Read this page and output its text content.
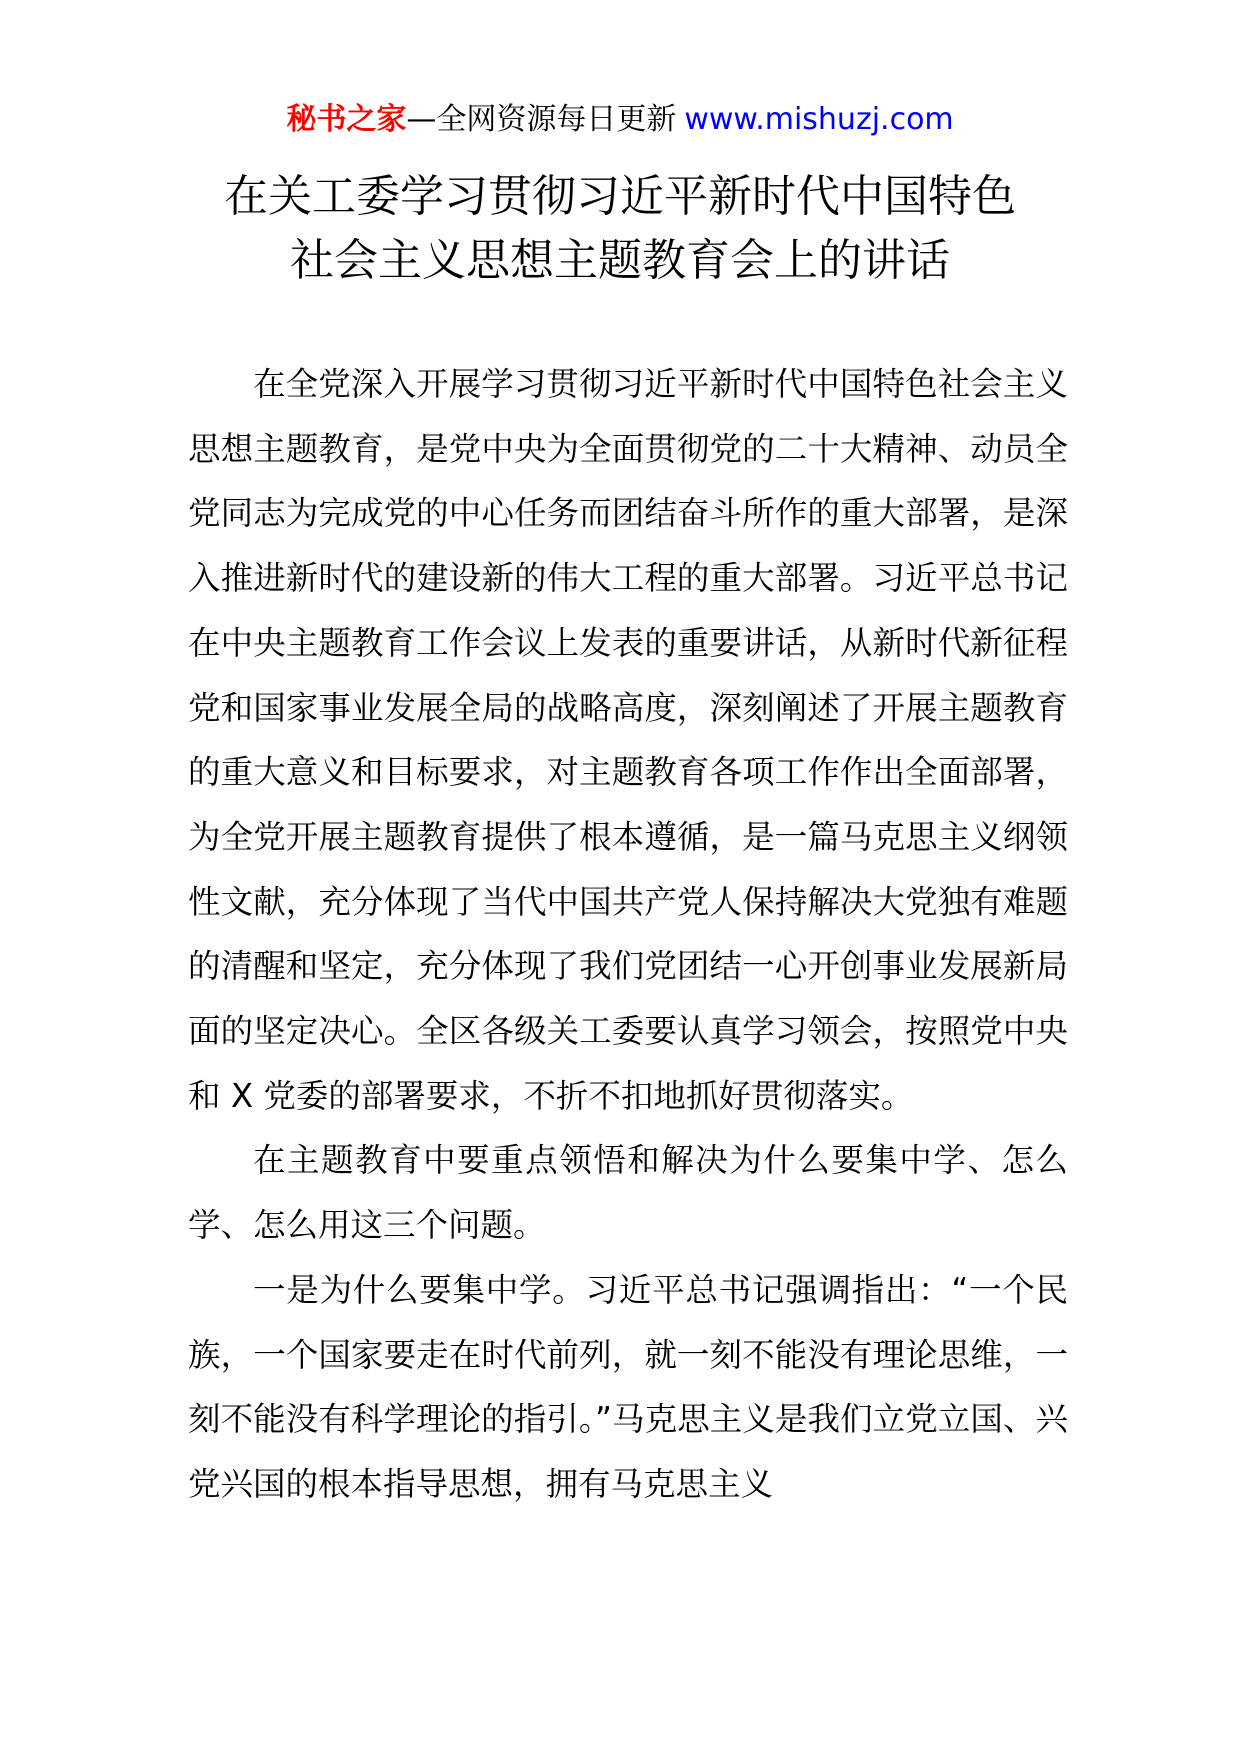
秘书之家—全网资源每日更新 www.mishuzj.com
在关工委学习贯彻习近平新时代中国特色
社会主义思想主题教育会上的讲话

在全党深入开展学习贯彻习近平新时代中国特色社会主义思想主题教育，是党中央为全面贯彻党的二十大精神、动员全党同志为完成党的中心任务而团结奋斗所作的重大部署，是深入推进新时代的建设新的伟大工程的重大部署。习近平总书记在中央主题教育工作会议上发表的重要讲话，从新时代新征程党和国家事业发展全局的战略高度，深刻阐述了开展主题教育的重大意义和目标要求，对主题教育各项工作作出全面部署，为全党开展主题教育提供了根本遵循，是一篇马克思主义纲领性文献，充分体现了当代中国共产党人保持解决大党独有难题的清醒和坚定，充分体现了我们党团结一心开创事业发展新局面的坚定决心。全区各级关工委要认真学习领会，按照党中央和 X 党委的部署要求，不折不扣地抓好贯彻落实。

在主题教育中要重点领悟和解决为什么要集中学、怎么学、怎么用这三个问题。

一是为什么要集中学。习近平总书记强调指出：“一个民族，一个国家要走在时代前列，就一刻不能没有理论思维，一刻不能没有科学理论的指引。”马克思主义是我们立党立国、兴党兴国的根本指导思想，拥有马克思主义
